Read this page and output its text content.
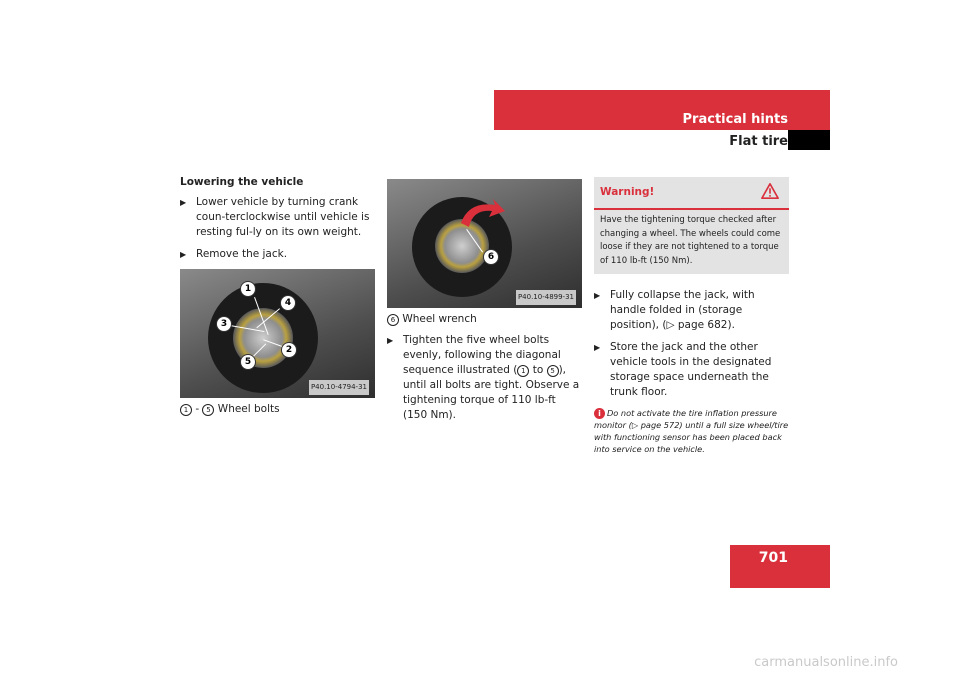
Practical hints
Flat tire
Lowering the vehicle
▶ Lower vehicle by turning crank coun-terclockwise until vehicle is resting ful-ly on its own weight.
▶ Remove the jack.
1
2
3
4
5
P40.10-4794-31
1 - 5 Wheel bolts
6
P40.10-4899-31
6 Wheel wrench
▶ Tighten the five wheel bolts evenly, following the diagonal sequence illustrated ( 1 to 5 ), until all bolts are tight. Observe a tightening torque of 110 lb-ft (150 Nm).
Warning!
Have the tightening torque checked after changing a wheel. The wheels could come loose if they are not tightened to a torque of 110 lb-ft (150 Nm).
▶ Fully collapse the jack, with handle folded in (storage position), (▷ page 682).
▶ Store the jack and the other vehicle tools in the designated storage space underneath the trunk floor.
i Do not activate the tire inflation pressure monitor (▷ page 572) until a full size wheel/tire with functioning sensor has been placed back into service on the vehicle.
701
carmanualsonline.info
